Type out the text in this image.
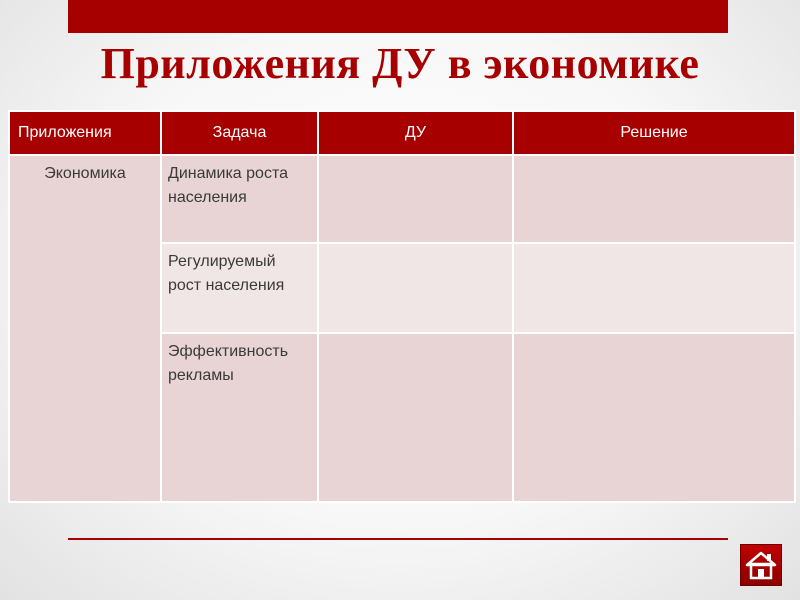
Приложения ДУ в экономике
Приложения	Задача	ДУ	Решение
Экономика	Динамика роста населения		
	Регулируемый рост населения		
	Эффективность рекламы		
